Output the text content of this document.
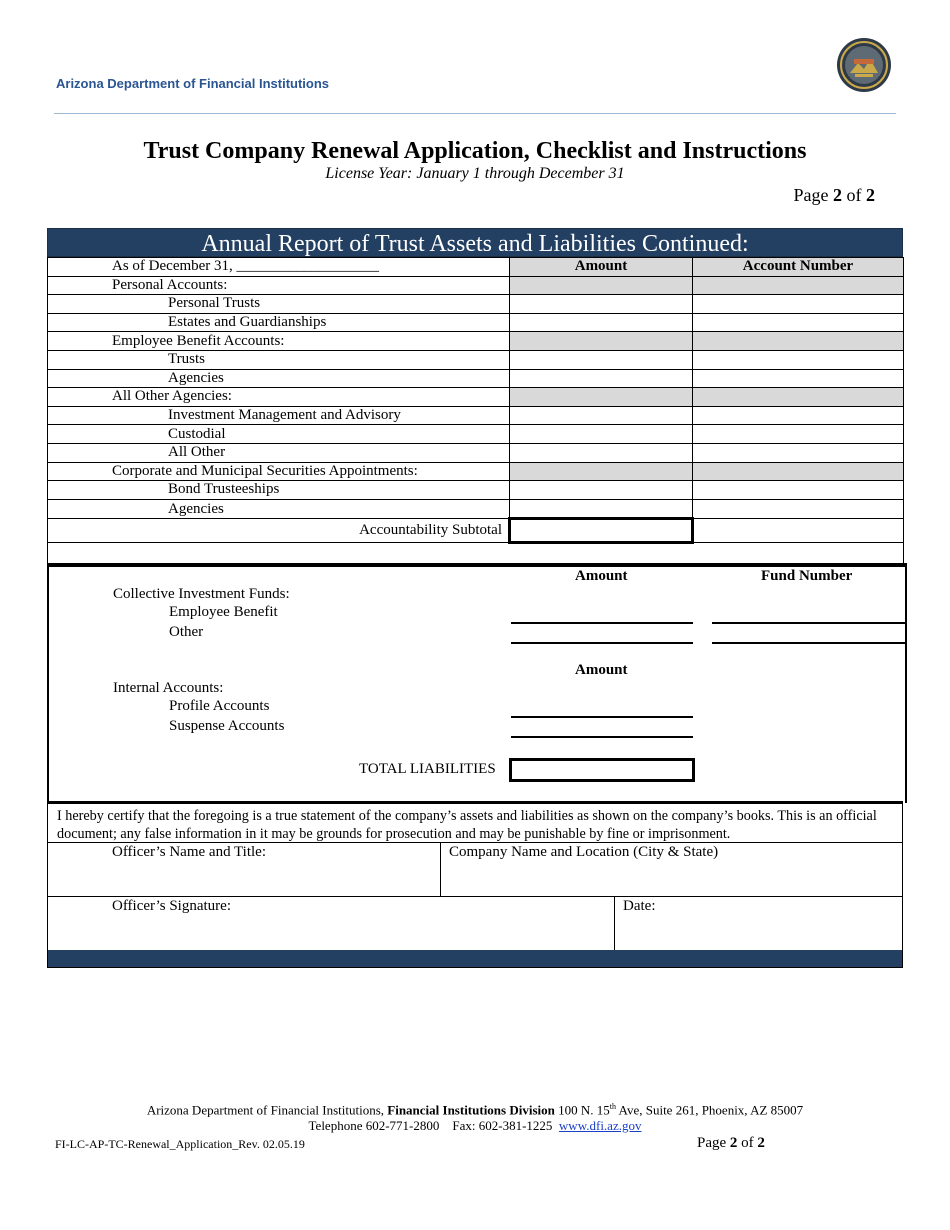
Arizona Department of Financial Institutions
Trust Company Renewal Application, Checklist and Instructions
License Year: January 1 through December 31
Page 2 of 2
Annual Report of Trust Assets and Liabilities Continued:
As of December 31, ___________________	Amount	Account Number
Personal Accounts:		
Personal Trusts		
Estates and Guardianships		
Employee Benefit Accounts:		
Trusts		
Agencies		
All Other Agencies:		
Investment Management and Advisory		
Custodial		
All Other		
Corporate and Municipal Securities Appointments:		
Bond Trusteeships		
Agencies		
Accountability Subtotal		

Amount	Fund Number
Collective Investment Funds:
Employee Benefit
Other
Amount
Internal Accounts:
Profile Accounts
Suspense Accounts
TOTAL LIABILITIES
I hereby certify that the foregoing is a true statement of the company’s assets and liabilities as shown on the company’s books. This is an official document; any false information in it may be grounds for prosecution and may be punishable by fine or imprisonment.
Officer’s Name and Title:	Company Name and Location (City & State)
Officer’s Signature:	Date:
Arizona Department of Financial Institutions, Financial Institutions Division 100 N. 15th Ave, Suite 261, Phoenix, AZ 85007
Telephone 602-771-2800 Fax: 602-381-1225 www.dfi.az.gov
FI-LC-AP-TC-Renewal_Application_Rev. 02.05.19	Page 2 of 2
